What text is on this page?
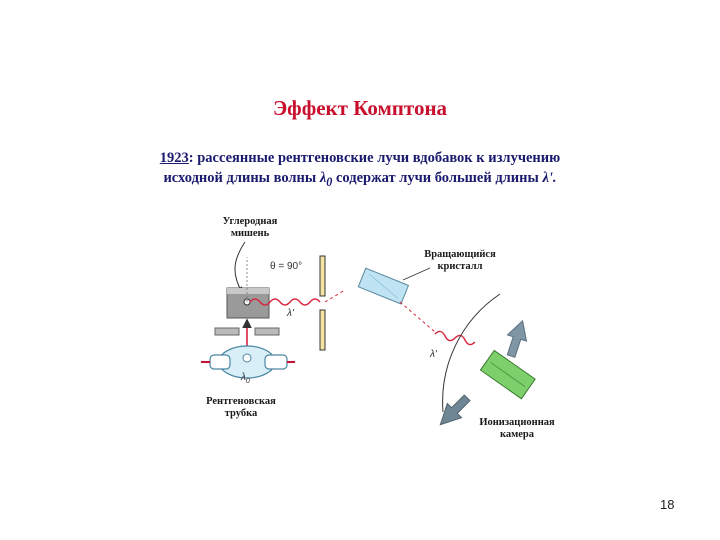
Эффект Комптона
1923: рассеянные рентгеновские лучи вдобавок к излучению
исходной длины волны $\lambda_0$ содержат лучи большей длины λ'.
Углеродная
мишень
θ = 90°
λ'
Вращающийся
кристалл
λ'
Ионизационная
камера
$\lambda_0$
Рентгеновская
трубка
18
